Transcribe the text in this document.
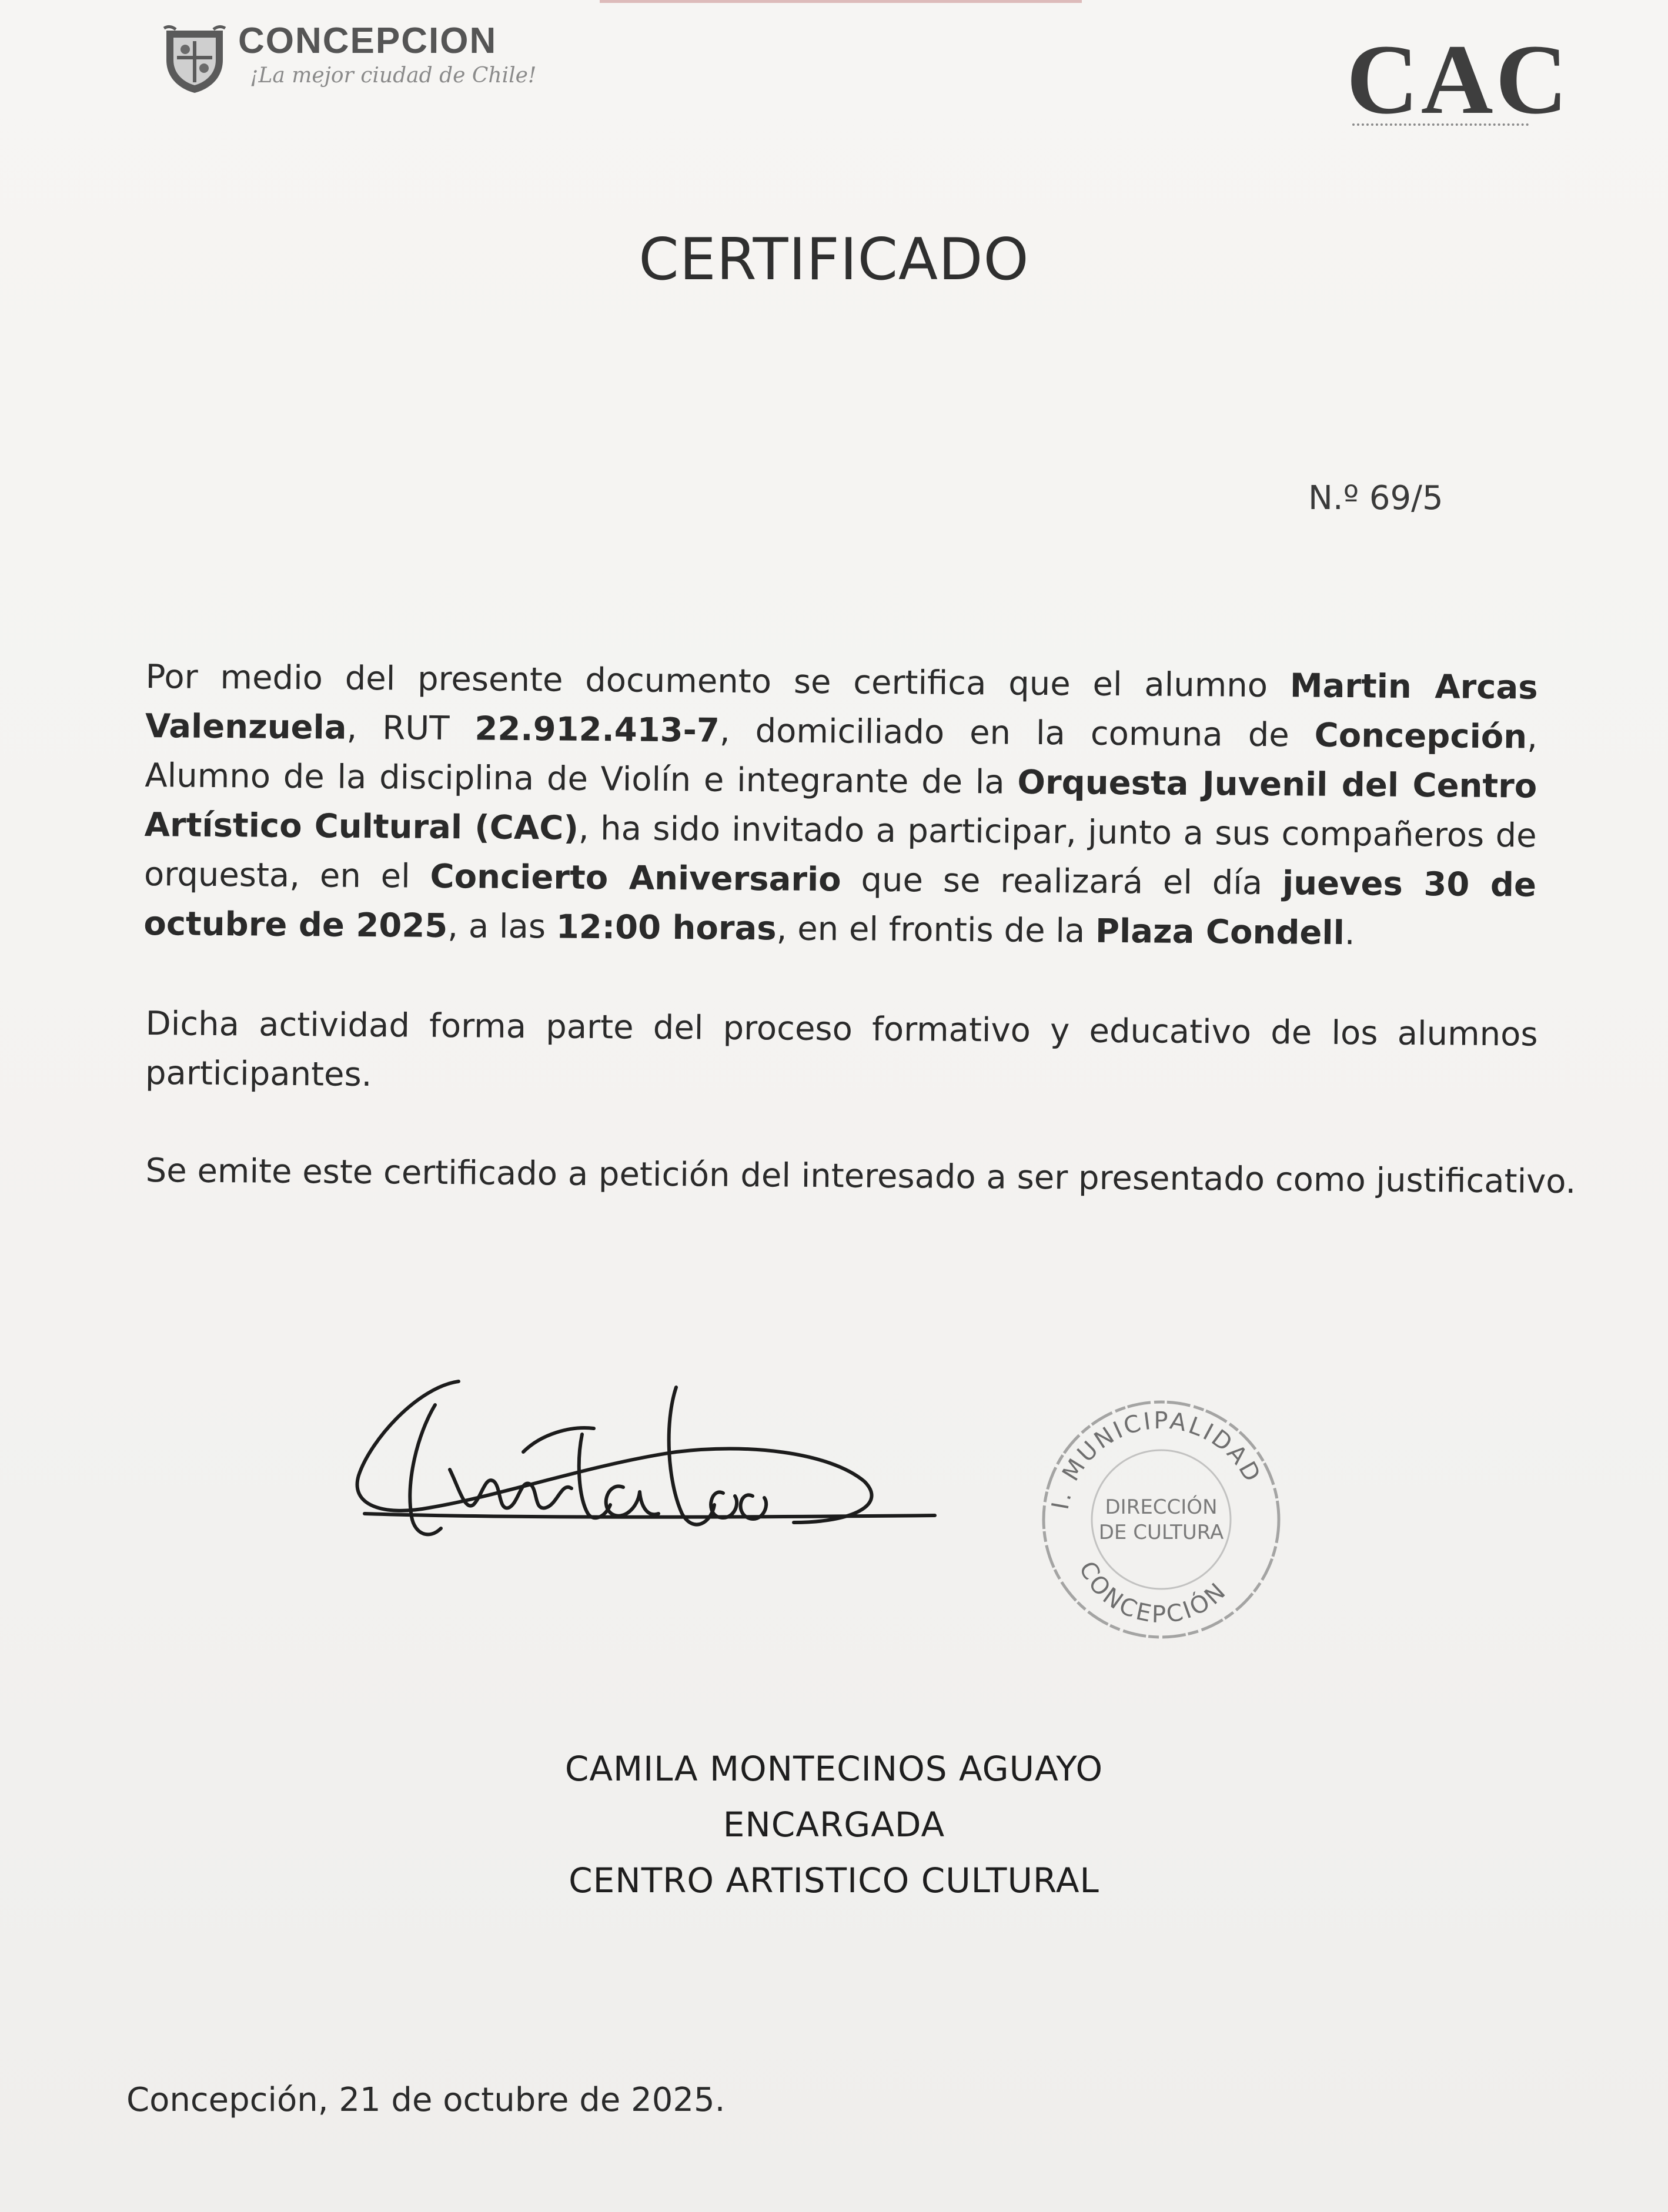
CONCEPCION
¡La mejor ciudad de Chile!	CAC
CERTIFICADO
N.º 69/5
Por medio del presente documento se certifica que el alumno Martin Arcas Valenzuela, RUT 22.912.413-7, domiciliado en la comuna de Concepción, Alumno de la disciplina de Violín e integrante de la Orquesta Juvenil del Centro Artístico Cultural (CAC), ha sido invitado a participar, junto a sus compañeros de orquesta, en el Concierto Aniversario que se realizará el día jueves 30 de octubre de 2025, a las 12:00 horas, en el frontis de la Plaza Condell.
Dicha actividad forma parte del proceso formativo y educativo de los alumnos participantes.
Se emite este certificado a petición del interesado a ser presentado como justificativo.
I. MUNICIPALIDAD
DIRECCIÓN
DE CULTURA
CONCEPCIÓN
CAMILA MONTECINOS AGUAYO
ENCARGADA
CENTRO ARTISTICO CULTURAL
Concepción, 21 de octubre de 2025.
